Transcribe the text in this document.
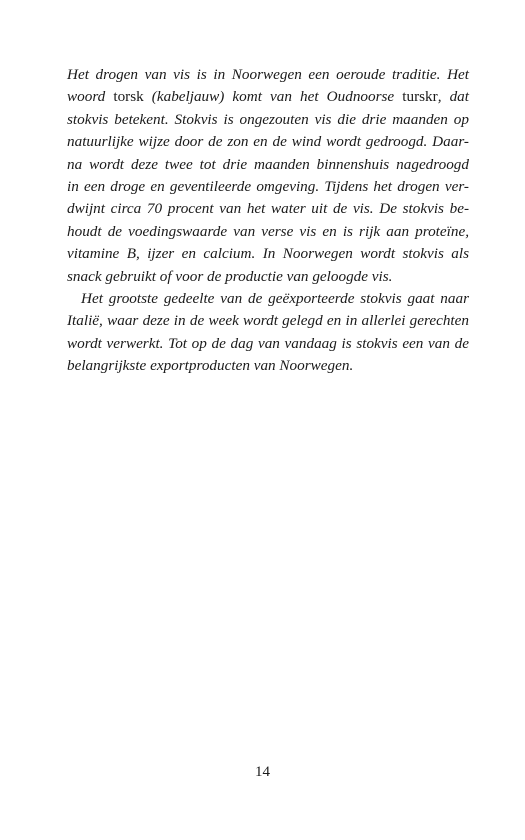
Het drogen van vis is in Noorwegen een oeroude traditie. Het
woord torsk (kabeljauw) komt van het Oudnoorse turskr, dat
stokvis betekent. Stokvis is ongezouten vis die drie maanden op
natuurlijke wijze door de zon en de wind wordt gedroogd. Daar-
na wordt deze twee tot drie maanden binnenshuis nagedroogd
in een droge en geventileerde omgeving. Tijdens het drogen ver-
dwijnt circa 70 procent van het water uit de vis. De stokvis be-
houdt de voedingswaarde van verse vis en is rijk aan proteïne,
vitamine B, ijzer en calcium. In Noorwegen wordt stokvis als
snack gebruikt of voor de productie van geloogde vis.
Het grootste gedeelte van de geëxporteerde stokvis gaat naar
Italië, waar deze in de week wordt gelegd en in allerlei gerechten
wordt verwerkt. Tot op de dag van vandaag is stokvis een van de
belangrijkste exportproducten van Noorwegen.
14
